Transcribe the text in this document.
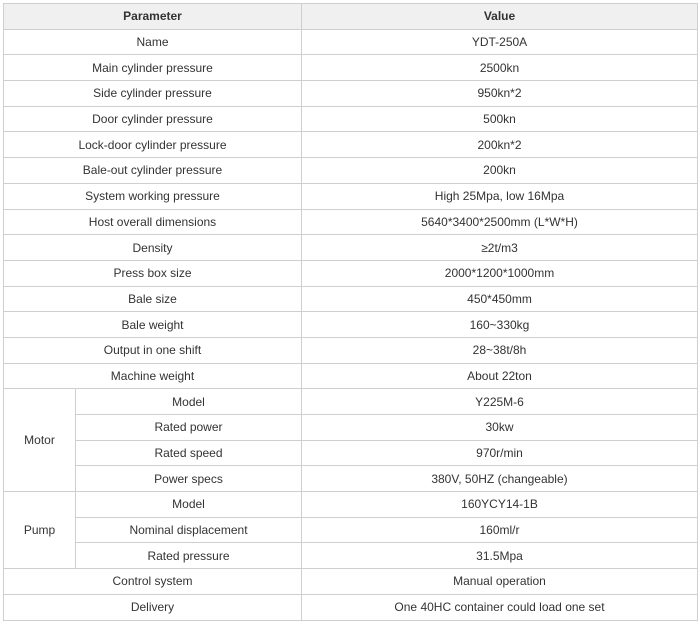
Parameter		Value
Name		YDT-250A
Main cylinder pressure		2500kn
Side cylinder pressure		950kn*2
Door cylinder pressure		500kn
Lock-door cylinder pressure		200kn*2
Bale-out cylinder pressure		200kn
System working pressure		High 25Mpa, low 16Mpa
Host overall dimensions		5640*3400*2500mm (L*W*H)
Density		≥2t/m3
Press box size		2000*1200*1000mm
Bale size		450*450mm
Bale weight		160~330kg
Output in one shift		28~38t/8h
Machine weight		About 22ton
Motor	Model	Y225M-6
	Rated power	30kw
	Rated speed	970r/min
	Power specs	380V, 50HZ (changeable)
Pump	Model	160YCY14-1B
	Nominal displacement	160ml/r
	Rated pressure	31.5Mpa
Control system		Manual operation
Delivery		One 40HC container could load one set
